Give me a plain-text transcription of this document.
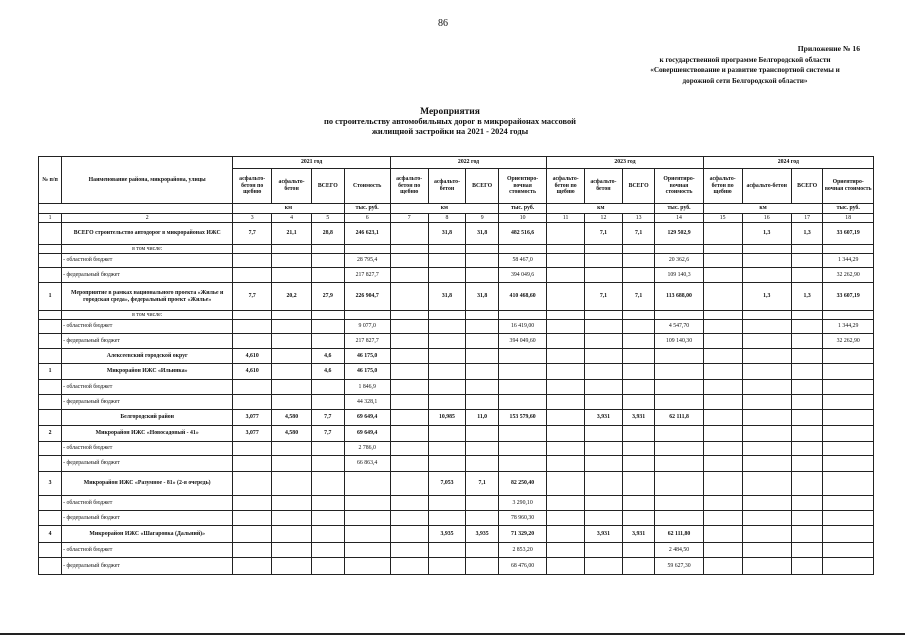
86
Приложение № 16
к государственной программе Белгородской области
«Совершенствование и развитие транспортной системы и
дорожной сети Белгородской области»
Мероприятия
по строительству автомобильных дорог в микрорайонах массовой
жилищной застройки на 2021 - 2024 годы
№ п/п	Наименование района, микрорайона, улицы	2021 год				2022 год				2023 год				2024 год			
		асфальто-бетон по щебню	асфальто-бетон	ВСЕГО	Стоимость	асфальто-бетон по щебню	асфальто-бетон	ВСЕГО	Ориентиро-вочная стоимость	асфальто-бетон по щебню	асфальто-бетон	ВСЕГО	Ориентиро-вочная стоимость	асфальто-бетон по щебню	асфальто-бетон	ВСЕГО	Ориентиро-вочная стоимость
		км			тыс. руб.	км			тыс. руб.	км			тыс. руб.	км			тыс. руб.
1	2	3	4	5	6	7	8	9	10	11	12	13	14	15	16	17	18
	ВСЕГО строительство автодорог в микрорайонах ИЖС	7,7	21,1	28,8	246 623,1		31,8	31,8	482 516,6		7,1	7,1	129 502,9		1,3	1,3	33 607,19
	в том числе:																
	- областной бюджет				28 795,4				58 467,0				20 362,6				1 344,29
	- федеральный бюджет				217 827,7				394 049,6				109 140,3				32 262,90
1	Мероприятие в рамках национального проекта «Жилье и городская среда», федеральный проект «Жилье»	7,7	20,2	27,9	226 904,7		31,8	31,8	410 468,60		7,1	7,1	113 688,00		1,3	1,3	33 607,19
	в том числе:																
	- областной бюджет				9 077,0				16 419,00				4 547,70				1 344,29
	- федеральный бюджет				217 827,7				394 049,60				109 140,30				32 262,90
	Алексеевский городской округ	4,610		4,6	46 175,0												
1	Микрорайон ИЖС «Ильинка»	4,610		4,6	46 175,0												
	- областной бюджет				1 846,9												
	- федеральный бюджет				44 328,1												
	Белгородский район	3,077	4,580	7,7	69 649,4		10,985	11,0	153 579,60		3,931	3,931	62 111,8				
2	Микрорайон ИЖС «Новосадовый - 41»	3,077	4,580	7,7	69 649,4												
	- областной бюджет				2 786,0												
	- федеральный бюджет				66 863,4												
3	Микрорайон ИЖС «Разумное - 81» (2-я очередь)						7,053	7,1	82 250,40								
	- областной бюджет								3 290,10								
	- федеральный бюджет								78 960,30								
4	Микрорайон ИЖС «Шагаровка (Дальний)»						3,935	3,935	71 329,20		3,931	3,931	62 111,80				
	- областной бюджет								2 853,20				2 484,50				
	- федеральный бюджет								68 476,00				59 627,30				
